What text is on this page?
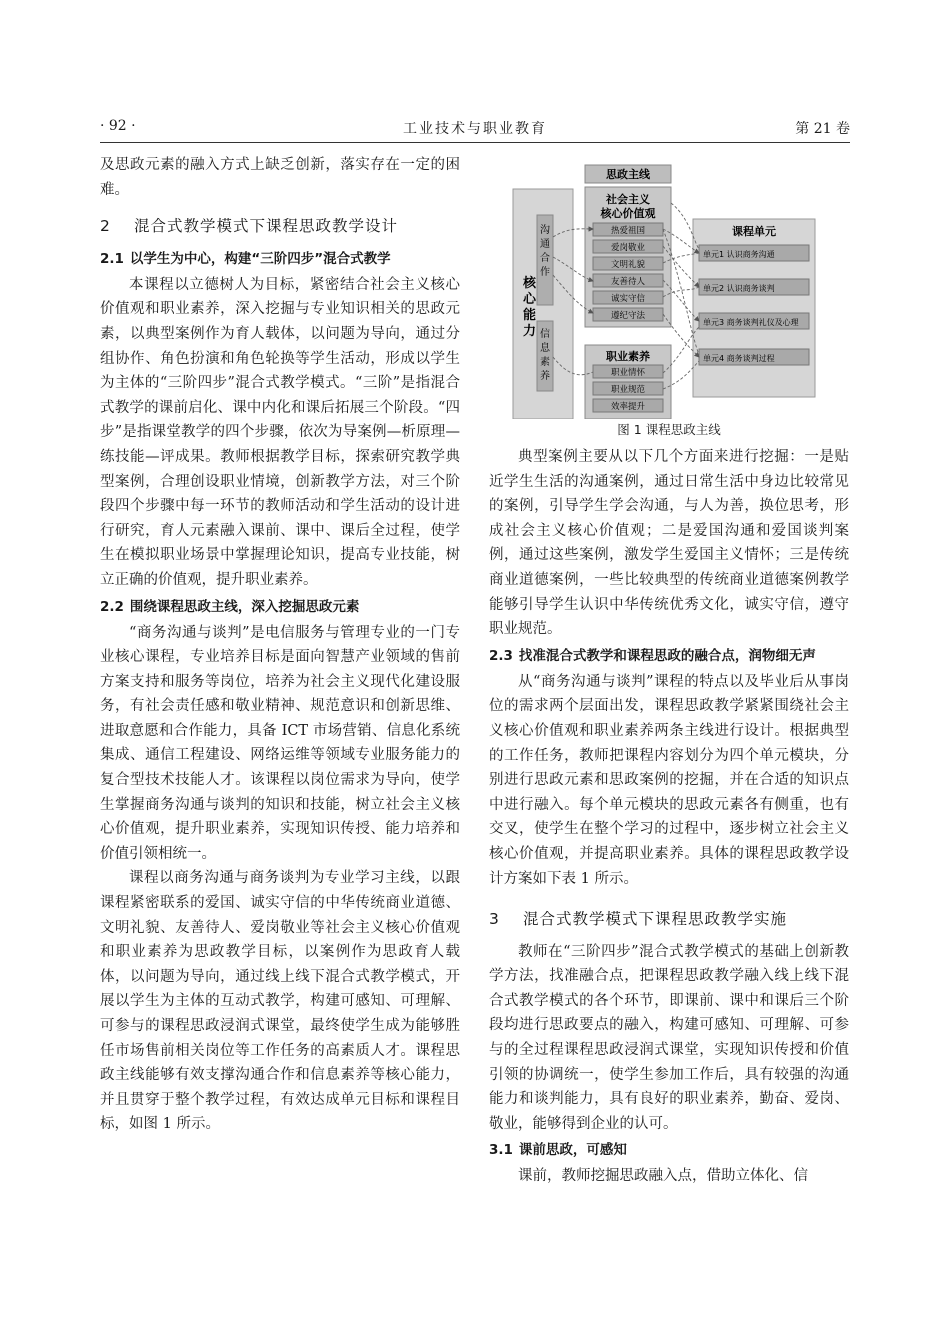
· 92 ·	工业技术与职业教育	第 21 卷

及思政元素的融入方式上缺乏创新，落实存在一定的困难。

2 混合式教学模式下课程思政教学设计
2.1 以学生为中心，构建“三阶四步”混合式教学

本课程以立德树人为目标，紧密结合社会主义核心价值观和职业素养，深入挖掘与专业知识相关的思政元素，以典型案例作为育人载体，以问题为导向，通过分组协作、角色扮演和角色轮换等学生活动，形成以学生为主体的“三阶四步”混合式教学模式。“三阶”是指混合式教学的课前启化、课中内化和课后拓展三个阶段。“四步”是指课堂教学的四个步骤，依次为导案例—析原理—练技能—评成果。教师根据教学目标，探索研究教学典型案例，合理创设职业情境，创新教学方法，对三个阶段四个步骤中每一环节的教师活动和学生活动的设计进行研究，育人元素融入课前、课中、课后全过程，使学生在模拟职业场景中掌握理论知识，提高专业技能，树立正确的价值观，提升职业素养。

2.2 围绕课程思政主线，深入挖掘思政元素

“商务沟通与谈判”是电信服务与管理专业的一门专业核心课程，专业培养目标是面向智慧产业领域的售前方案支持和服务等岗位，培养为社会主义现代化建设服务，有社会责任感和敬业精神、规范意识和创新思维、进取意愿和合作能力，具备 ICT 市场营销、信息化系统集成、通信工程建设、网络运维等领域专业服务能力的复合型技术技能人才。该课程以岗位需求为导向，使学生掌握商务沟通与谈判的知识和技能，树立社会主义核心价值观，提升职业素养，实现知识传授、能力培养和价值引领相统一。

课程以商务沟通与商务谈判为专业学习主线，以跟课程紧密联系的爱国、诚实守信的中华传统商业道德、文明礼貌、友善待人、爱岗敬业等社会主义核心价值观和职业素养为思政教学目标，以案例作为思政育人载体，以问题为导向，通过线上线下混合式教学模式，开展以学生为主体的互动式教学，构建可感知、可理解、可参与的课程思政浸润式课堂，最终使学生成为能够胜任市场售前相关岗位等工作任务的高素质人才。课程思政主线能够有效支撑沟通合作和信息素养等核心能力，并且贯穿于整个教学过程，有效达成单元目标和课程目标，如图 1 所示。

思政主线
核 心 能 力
沟通合作
信息素养
社会主义
核心价值观
热爱祖国
爱岗敬业
文明礼貌
友善待人
诚实守信
遵纪守法
职业素养
职业情怀
职业规范
效率提升
课程单元
单元1 认识商务沟通
单元2 认识商务谈判
单元3 商务谈判礼仪及心理
单元4 商务谈判过程
图 1 课程思政主线

典型案例主要从以下几个方面来进行挖掘：一是贴近学生生活的沟通案例，通过日常生活中身边比较常见的案例，引导学生学会沟通，与人为善，换位思考，形成社会主义核心价值观；二是爱国沟通和爱国谈判案例，通过这些案例，激发学生爱国主义情怀；三是传统商业道德案例，一些比较典型的传统商业道德案例教学能够引导学生认识中华传统优秀文化，诚实守信，遵守职业规范。

2.3 找准混合式教学和课程思政的融合点，润物细无声

从“商务沟通与谈判”课程的特点以及毕业后从事岗位的需求两个层面出发，课程思政教学紧紧围绕社会主义核心价值观和职业素养两条主线进行设计。根据典型的工作任务，教师把课程内容划分为四个单元模块，分别进行思政元素和思政案例的挖掘，并在合适的知识点中进行融入。每个单元模块的思政元素各有侧重，也有交叉，使学生在整个学习的过程中，逐步树立社会主义核心价值观，并提高职业素养。具体的课程思政教学设计方案如下表 1 所示。

3 混合式教学模式下课程思政教学实施

教师在“三阶四步”混合式教学模式的基础上创新教学方法，找准融合点，把课程思政教学融入线上线下混合式教学模式的各个环节，即课前、课中和课后三个阶段均进行思政要点的融入，构建可感知、可理解、可参与的全过程课程思政浸润式课堂，实现知识传授和价值引领的协调统一，使学生参加工作后，具有较强的沟通能力和谈判能力，具有良好的职业素养，勤奋、爱岗、敬业，能够得到企业的认可。

3.1 课前思政，可感知

课前，教师挖掘思政融入点，借助立体化、信
